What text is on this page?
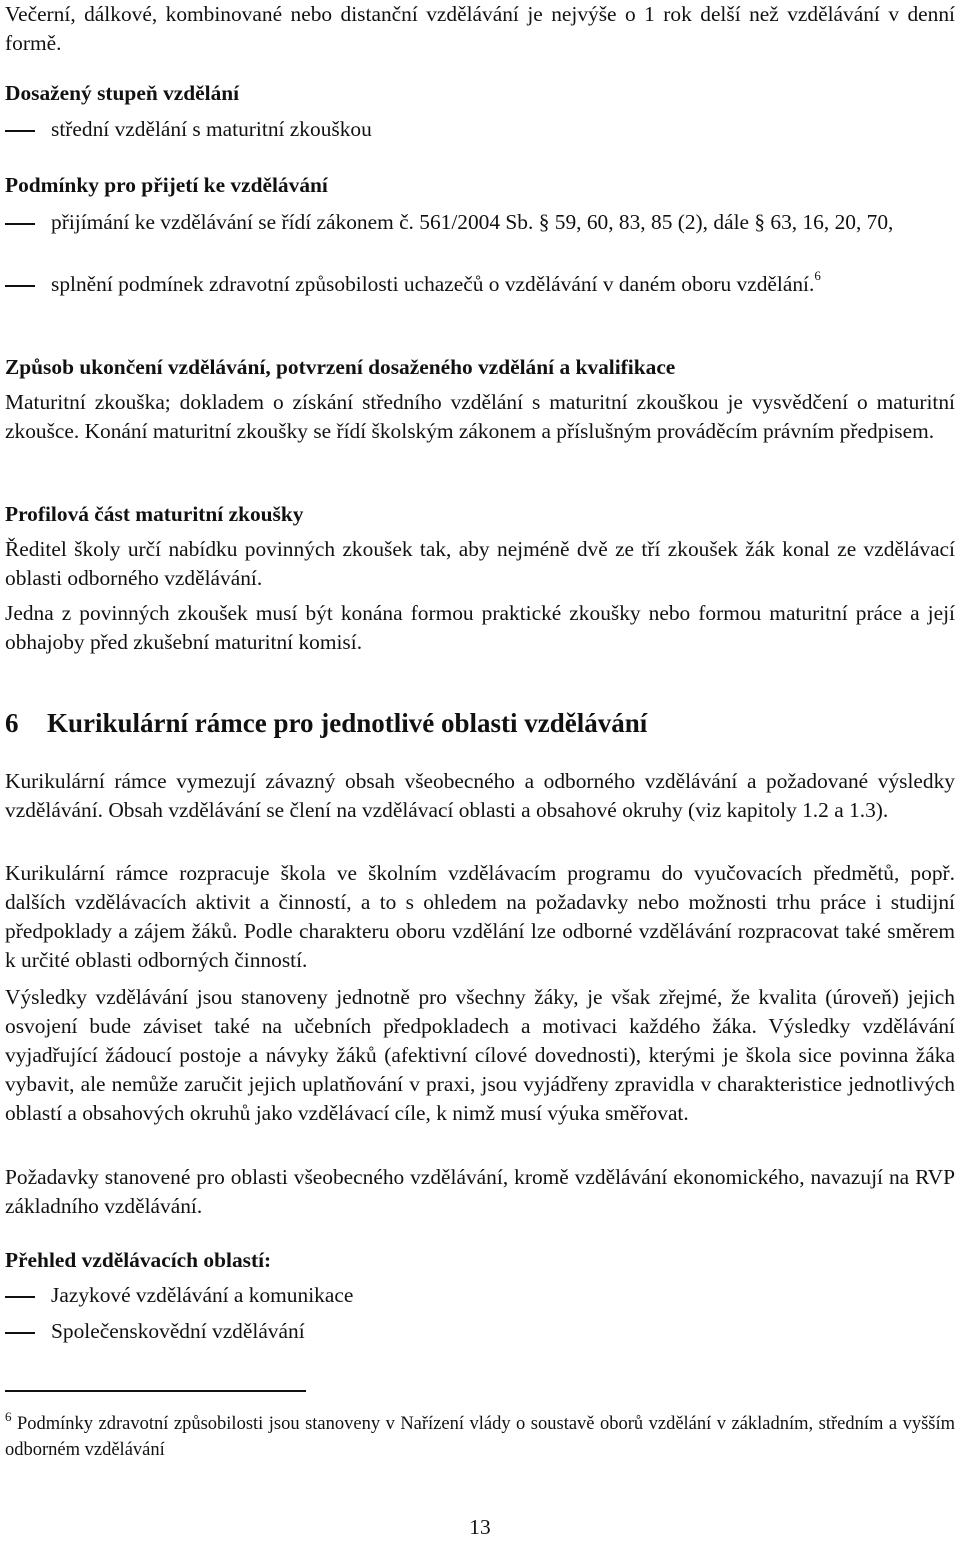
Večerní, dálkové, kombinované nebo distanční vzdělávání je nejvýše o 1 rok delší než vzdělávání v denní formě.

Dosažený stupeň vzdělání

střední vzdělání s maturitní zkouškou

Podmínky pro přijetí ke vzdělávání

přijímání ke vzdělávání se řídí zákonem č. 561/2004 Sb. § 59, 60, 83, 85 (2), dále § 63, 16, 20, 70,

splnění podmínek zdravotní způsobilosti uchazečů o vzdělávání v daném oboru vzdělání.$^6$

Způsob ukončení vzdělávání, potvrzení dosaženého vzdělání a kvalifikace

Maturitní zkouška; dokladem o získání středního vzdělání s maturitní zkouškou je vysvědčení o maturitní zkoušce. Konání maturitní zkoušky se řídí školským zákonem a příslušným prováděcím právním předpisem.

Profilová část maturitní zkoušky

Ředitel školy určí nabídku povinných zkoušek tak, aby nejméně dvě ze tří zkoušek žák konal ze vzdělávací oblasti odborného vzdělávání.

Jedna z povinných zkoušek musí být konána formou praktické zkoušky nebo formou maturitní práce a její obhajoby před zkušební maturitní komisí.

6 Kurikulární rámce pro jednotlivé oblasti vzdělávání

Kurikulární rámce vymezují závazný obsah všeobecného a odborného vzdělávání a požadované výsledky vzdělávání. Obsah vzdělávání se člení na vzdělávací oblasti a obsahové okruhy (viz kapitoly 1.2 a 1.3).

Kurikulární rámce rozpracuje škola ve školním vzdělávacím programu do vyučovacích předmětů, popř. dalších vzdělávacích aktivit a činností, a to s ohledem na požadavky nebo možnosti trhu práce i studijní předpoklady a zájem žáků. Podle charakteru oboru vzdělání lze odborné vzdělávání rozpracovat také směrem k určité oblasti odborných činností.

Výsledky vzdělávání jsou stanoveny jednotně pro všechny žáky, je však zřejmé, že kvalita (úroveň) jejich osvojení bude záviset také na učebních předpokladech a motivaci každého žáka. Výsledky vzdělávání vyjadřující žádoucí postoje a návyky žáků (afektivní cílové dovednosti), kterými je škola sice povinna žáka vybavit, ale nemůže zaručit jejich uplatňování v praxi, jsou vyjádřeny zpravidla v charakteristice jednotlivých oblastí a obsahových okruhů jako vzdělávací cíle, k nimž musí výuka směřovat.

Požadavky stanovené pro oblasti všeobecného vzdělávání, kromě vzdělávání ekonomického, navazují na RVP základního vzdělávání.

Přehled vzdělávacích oblastí:

Jazykové vzdělávání a komunikace

Společenskovědní vzdělávání

$^6$ Podmínky zdravotní způsobilosti jsou stanoveny v Nařízení vlády o soustavě oborů vzdělání v základním, středním a vyšším odborném vzdělávání

13
